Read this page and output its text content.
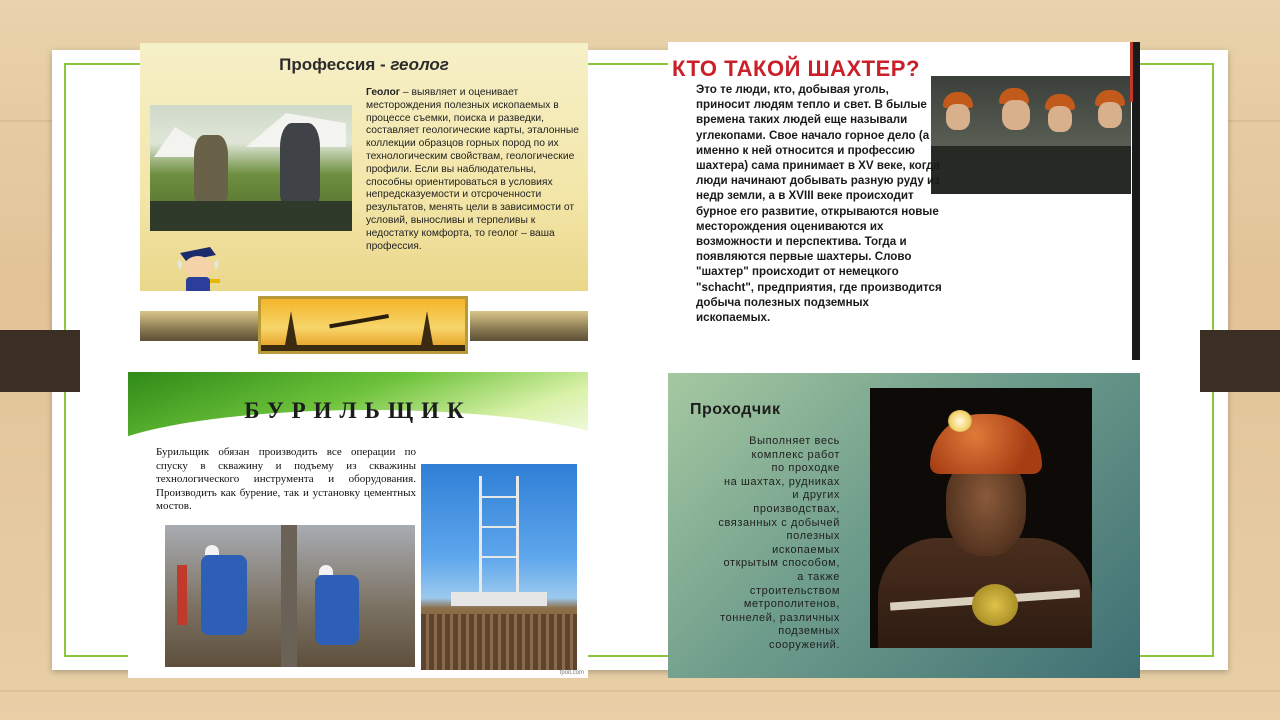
Профессия - геолог
Геолог – выявляет и оценивает месторождения полезных ископаемых в процессе съемки, поиска и разведки, составляет геологические карты, эталонные коллекции образцов горных пород по их технологическим свойствам, геологические профили. Если вы наблюдательны, способны ориентироваться в условиях непредсказуемости и отсроченности результатов, менять цели в зависимости от условий, выносливы и терпеливы к недостатку комфорта, то геолог – ваша профессия.
КТО ТАКОЙ ШАХТЕР?
Это те люди, кто, добывая уголь, приносит людям тепло и свет. В былые времена таких людей еще называли углекопами. Свое начало горное дело (а именно к ней относится и профессию шахтера) сама принимает в XV веке, когда люди начинают добывать разную руду из недр земли, а в XVIII веке происходит бурное его развитие, открываются новые месторождения оцениваются их возможности и перспектива. Тогда и появляются первые шахтеры. Слово "шахтер" происходит от немецкого "schacht", предприятия, где производится добыча полезных подземных ископаемых.
БУРИЛЬЩИК
Бурильщик обязан производить все операции по спуску в скважину и подъему из скважины технологического инструмента и оборудования. Производить как бурение, так и установку цементных мостов.
fpoit.com
Проходчик
Выполняет весь
комплекс работ
по проходке
на шахтах, рудниках
и других
производствах,
связанных с добычей
полезных
ископаемых
открытым способом,
а также
строительством
метрополитенов,
тоннелей, различных
подземных
сооружений.
